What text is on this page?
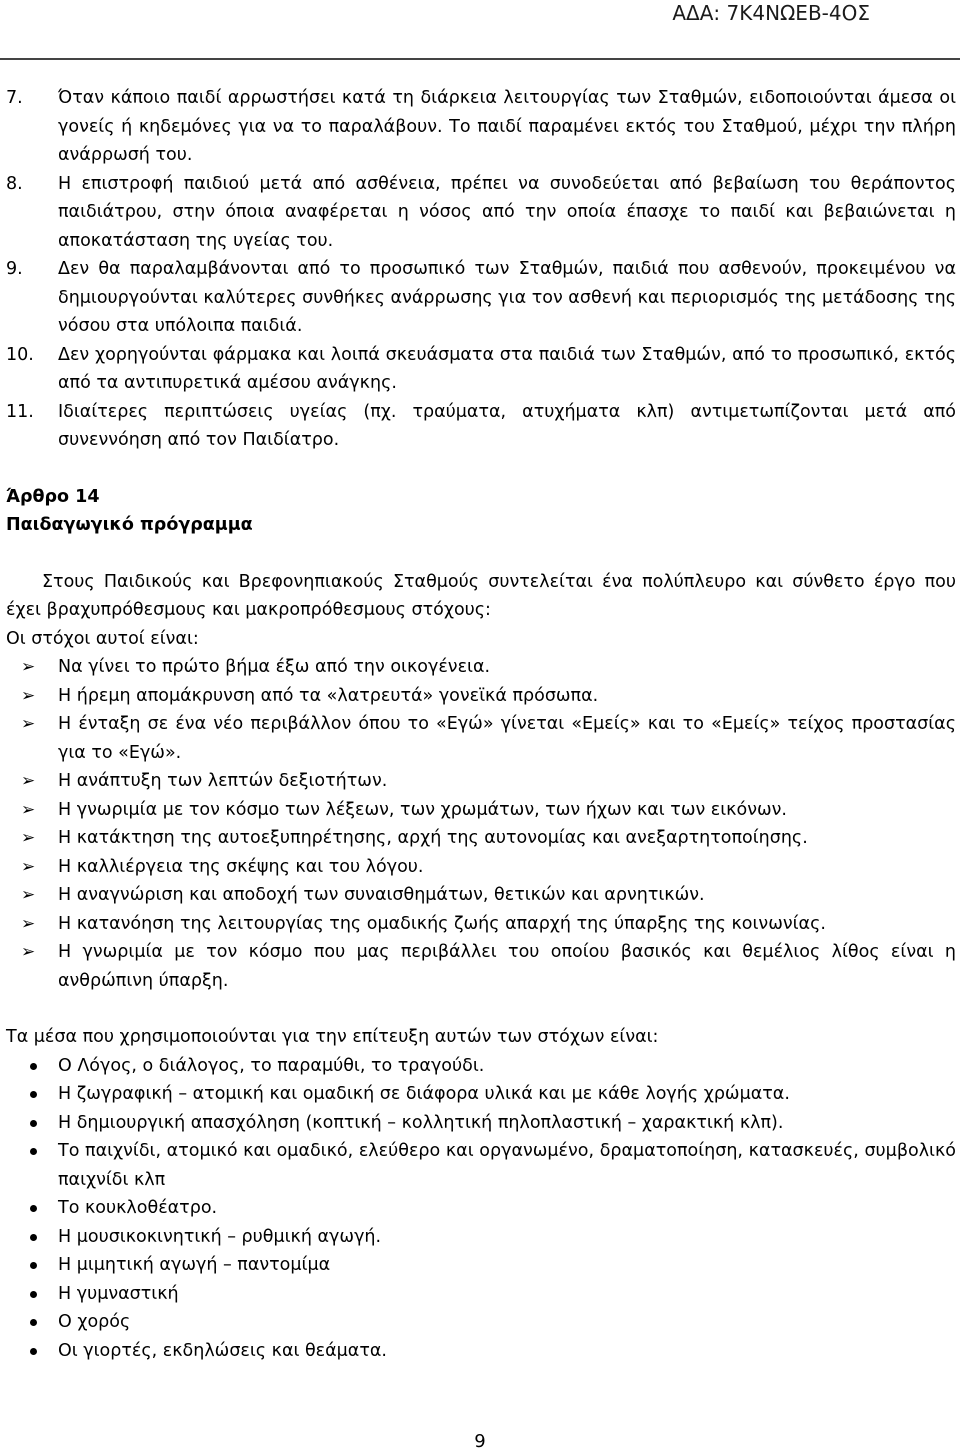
ΑΔΑ: 7Κ4ΝΩΕΒ-4ΟΣ
7. Όταν κάποιο παιδί αρρωστήσει κατά τη διάρκεια λειτουργίας των Σταθμών, ειδοποιούνται άμεσα οι γονείς ή κηδεμόνες για να το παραλάβουν. Το παιδί παραμένει εκτός του Σταθμού, μέχρι την πλήρη ανάρρωσή του.
8. Η επιστροφή παιδιού μετά από ασθένεια, πρέπει να συνοδεύεται από βεβαίωση του θεράποντος παιδιάτρου, στην όποια αναφέρεται η νόσος από την οποία έπασχε το παιδί και βεβαιώνεται η αποκατάσταση της υγείας του.
9. Δεν θα παραλαμβάνονται από το προσωπικό των Σταθμών, παιδιά που ασθενούν, προκειμένου να δημιουργούνται καλύτερες συνθήκες ανάρρωσης για τον ασθενή και περιορισμός της μετάδοσης της νόσου στα υπόλοιπα παιδιά.
10. Δεν χορηγούνται φάρμακα και λοιπά σκευάσματα στα παιδιά των Σταθμών, από το προσωπικό, εκτός από τα αντιπυρετικά αμέσου ανάγκης.
11. Ιδιαίτερες περιπτώσεις υγείας (πχ. τραύματα, ατυχήματα κλπ) αντιμετωπίζονται μετά από συνεννόηση από τον Παιδίατρο.
Άρθρο 14
Παιδαγωγικό πρόγραμμα
Στους Παιδικούς και Βρεφονηπιακούς Σταθμούς συντελείται ένα πολύπλευρο και σύνθετο έργο που έχει βραχυπρόθεσμους και μακροπρόθεσμους στόχους:
Οι στόχοι αυτοί είναι:
➢ Να γίνει το πρώτο βήμα έξω από την οικογένεια.
➢ Η ήρεμη απομάκρυνση από τα «λατρευτά» γονεϊκά πρόσωπα.
➢ Η ένταξη σε ένα νέο περιβάλλον όπου το «Εγώ» γίνεται «Εμείς» και το «Εμείς» τείχος προστασίας για το «Εγώ».
➢ Η ανάπτυξη των λεπτών δεξιοτήτων.
➢ Η γνωριμία με τον κόσμο των λέξεων, των χρωμάτων, των ήχων και των εικόνων.
➢ Η κατάκτηση της αυτοεξυπηρέτησης, αρχή της αυτονομίας και ανεξαρτητοποίησης.
➢ Η καλλιέργεια της σκέψης και του λόγου.
➢ Η αναγνώριση και αποδοχή των συναισθημάτων, θετικών και αρνητικών.
➢ Η κατανόηση της λειτουργίας της ομαδικής ζωής απαρχή της ύπαρξης της κοινωνίας.
➢ Η γνωριμία με τον κόσμο που μας περιβάλλει του οποίου βασικός και θεμέλιος λίθος είναι η ανθρώπινη ύπαρξη.
Τα μέσα που χρησιμοποιούνται για την επίτευξη αυτών των στόχων είναι:
Ο Λόγος, ο διάλογος, το παραμύθι, το τραγούδι.
Η ζωγραφική – ατομική και ομαδική σε διάφορα υλικά και με κάθε λογής χρώματα.
Η δημιουργική απασχόληση (κοπτική – κολλητική πηλοπλαστική – χαρακτική κλπ).
Το παιχνίδι, ατομικό και ομαδικό, ελεύθερο και οργανωμένο, δραματοποίηση, κατασκευές, συμβολικό παιχνίδι κλπ
Το κουκλοθέατρο.
Η μουσικοκινητική – ρυθμική αγωγή.
Η μιμητική αγωγή – παντομίμα
Η γυμναστική
Ο χορός
Οι γιορτές, εκδηλώσεις και θεάματα.
9
